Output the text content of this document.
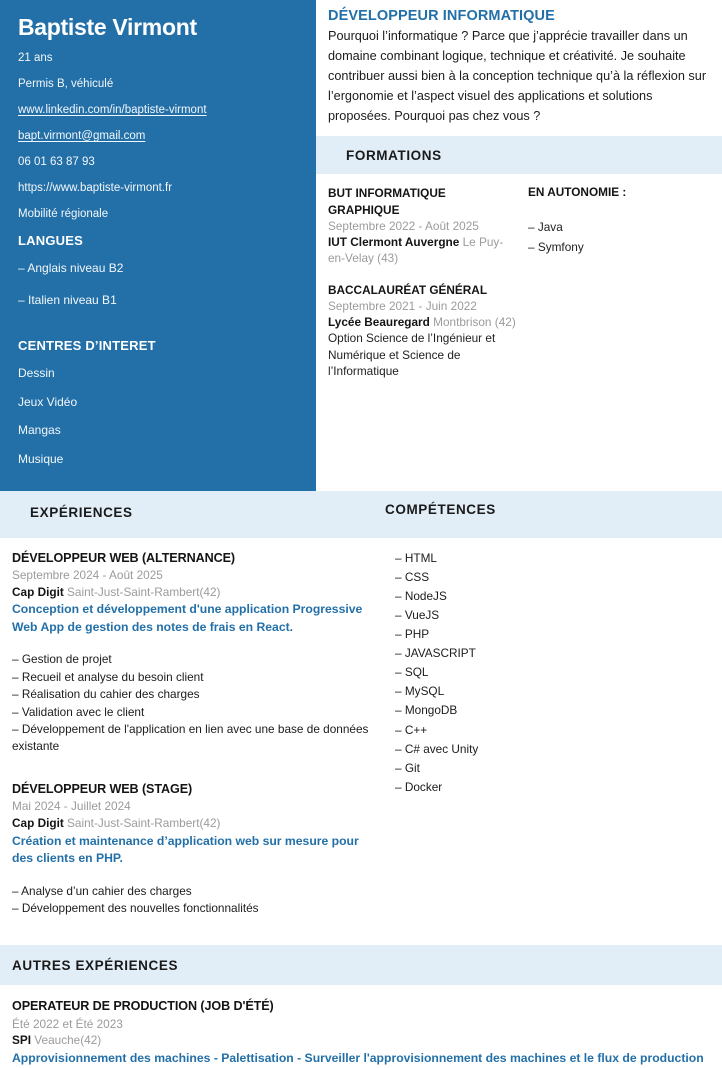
Baptiste Virmont
21 ans
Permis B, véhiculé
www.linkedin.com/in/baptiste-virmont
bapt.virmont@gmail.com
06 01 63 87 93
https://www.baptiste-virmont.fr
Mobilité régionale
LANGUES
– Anglais niveau B2
– Italien niveau B1
CENTRES D’INTERET
Dessin
Jeux Vidéo
Mangas
Musique
DÉVELOPPEUR INFORMATIQUE

Pourquoi l’informatique ? Parce que j’apprécie travailler dans un domaine combinant logique, technique et créativité. Je souhaite contribuer aussi bien à la conception technique qu’à la réflexion sur l’ergonomie et l’aspect visuel des applications et solutions proposées. Pourquoi pas chez vous ?

FORMATIONS
BUT INFORMATIQUE GRAPHIQUE
Septembre 2022 - Août 2025
IUT Clermont Auvergne Le Puy-en-Velay (43)
BACCALAURÉAT GÉNÉRAL
Septembre 2021 - Juin 2022
Lycée Beauregard Montbrison (42)
Option Science de l’Ingénieur et Numérique et Science de l’Informatique
EN AUTONOMIE :
– Java
– Symfony
EXPÉRIENCES	COMPÉTENCES
DÉVELOPPEUR WEB (ALTERNANCE)
Septembre 2024 - Août 2025
Cap Digit Saint-Just-Saint-Rambert(42)
Conception et développement d'une application Progressive Web App de gestion des notes de frais en React.
– Gestion de projet
– Recueil et analyse du besoin client
– Réalisation du cahier des charges
– Validation avec le client
– Développement de l'application en lien avec une base de données existante
DÉVELOPPEUR WEB (STAGE)
Mai 2024 - Juillet 2024
Cap Digit Saint-Just-Saint-Rambert(42)
Création et maintenance d’application web sur mesure pour des clients en PHP.
– Analyse d’un cahier des charges
– Développement des nouvelles fonctionnalités
– HTML
– CSS
– NodeJS
– VueJS
– PHP
– JAVASCRIPT
– SQL
– MySQL
– MongoDB
– C++
– C# avec Unity
– Git
– Docker
AUTRES EXPÉRIENCES
OPERATEUR DE PRODUCTION (JOB D'ÉTÉ)
Été 2022 et Été 2023
SPI Veauche(42)
Approvisionnement des machines - Palettisation - Surveiller l'approvisionnement des machines et le flux de production
